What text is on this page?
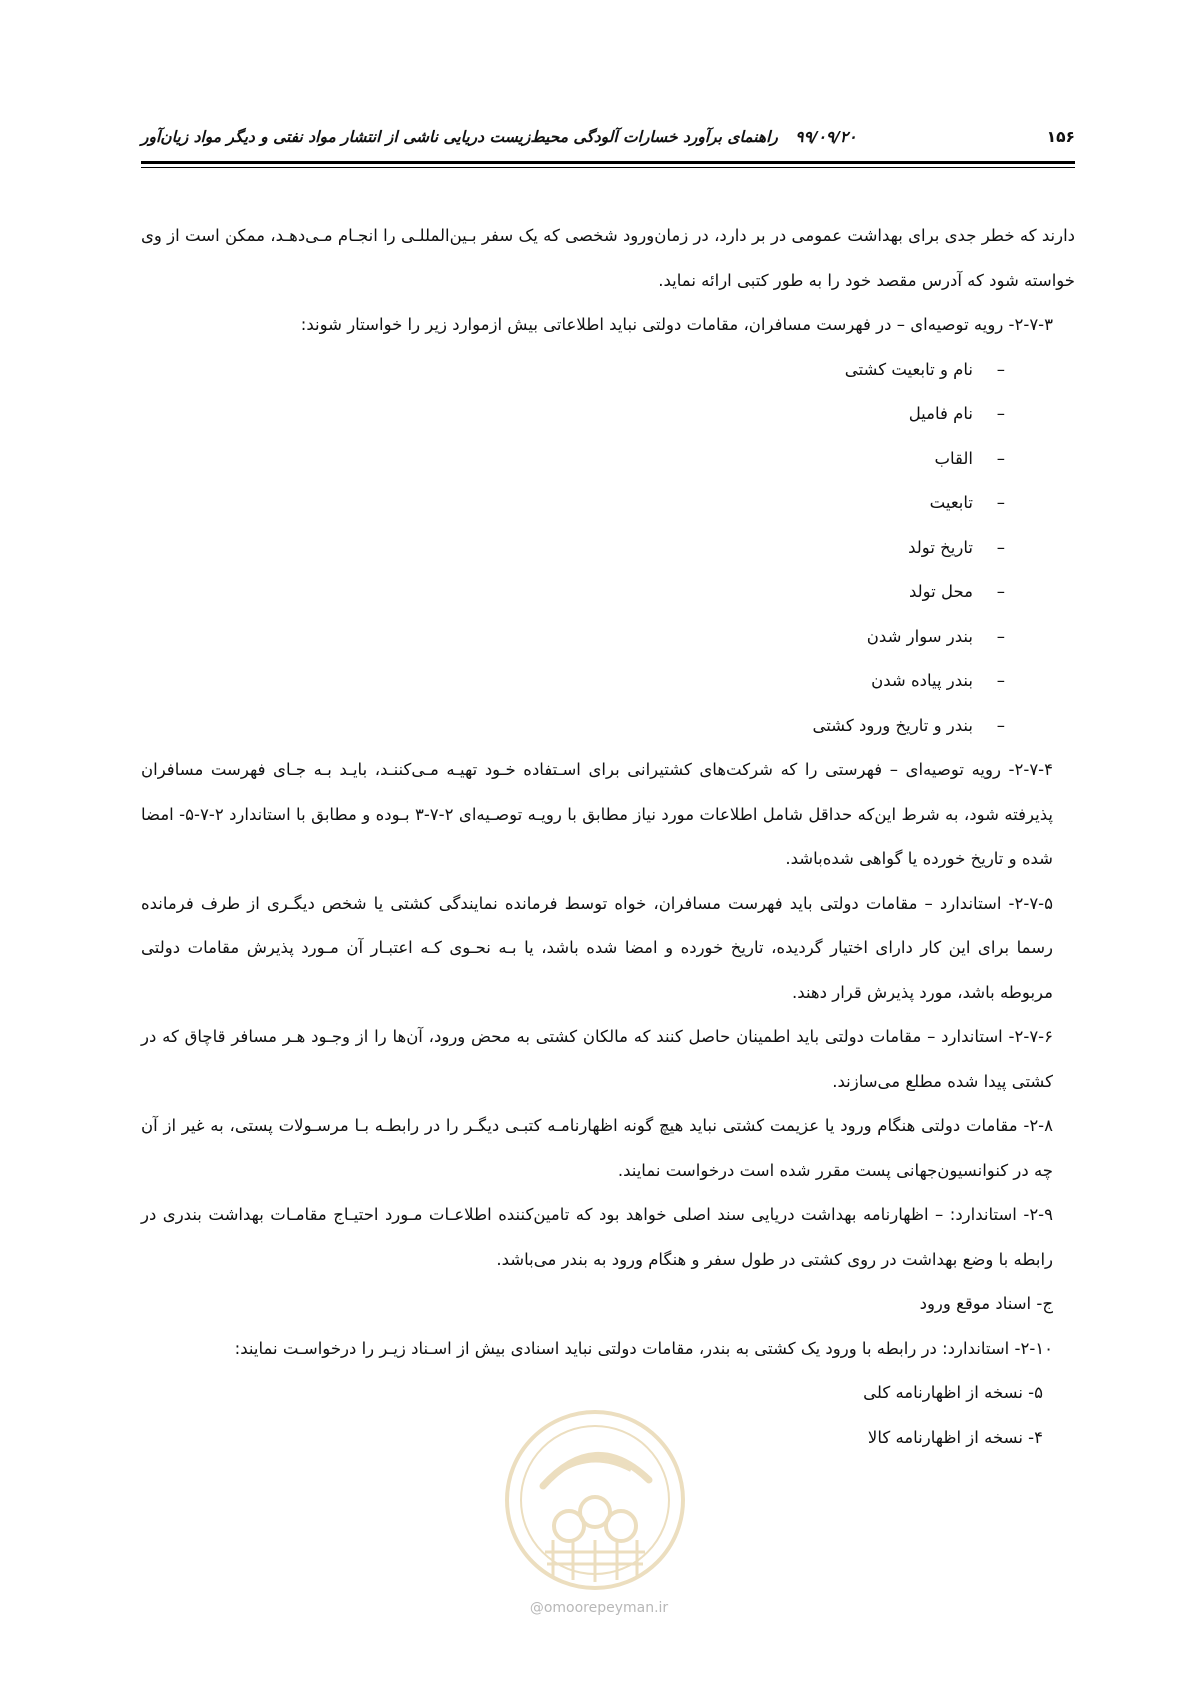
۱۵۶
۹۹/۰۹/۲۰ راهنمای برآورد خسارات آلودگی محیط‌زیست دریایی ناشی از انتشار مواد نفتی و دیگر مواد زیان‌آور

دارند که خطر جدی برای بهداشت عمومی در بر دارد، در زمان‌ورود شخصی که یک سفر بـین‌المللـی را انجـام مـی‌دهـد، ممکن است از وی خواسته شود که آدرس مقصد خود را به طور کتبی ارائه نماید.

۲-۷-۳- رویه توصیه‌ای – در فهرست مسافران، مقامات دولتی نباید اطلاعاتی بیش ازموارد زیر را خواستار شوند:

–نام و تابعیت کشتی
–نام فامیل
–القاب
–تابعیت
–تاریخ تولد
–محل تولد
–بندر سوار شدن
–بندر پیاده شدن
–بندر و تاریخ ورود کشتی

۲-۷-۴- رویه توصیه‌ای – فهرستی را که شرکت‌های کشتیرانی برای اسـتفاده خـود تهیـه مـی‌کننـد، بایـد بـه جـای فهرست مسافران پذیرفته شود، به شرط این‌که حداقل شامل اطلاعات مورد نیاز مطابق با رویـه توصـیه‌ای ۲-۷-۳ بـوده و مطابق با استاندارد ۲-۷-۵- امضا شده و تاریخ خورده یا گواهی شده‌باشد.

۲-۷-۵- استاندارد – مقامات دولتی باید فهرست مسافران، خواه توسط فرمانده نمایندگی کشتی یا شخص دیگـری از طرف فرمانده رسما برای این کار دارای اختیار گردیده، تاریخ خورده و امضا شده باشد، یا بـه نحـوی کـه اعتبـار آن مـورد پذیرش مقامات دولتی مربوطه باشد، مورد پذیرش قرار دهند.

۲-۷-۶- استاندارد – مقامات دولتی باید اطمینان حاصل کنند که مالکان کشتی به محض ورود، آن‌ها را از وجـود هـر مسافر قاچاق که در کشتی پیدا شده مطلع می‌سازند.

۲-۸- مقامات دولتی هنگام ورود یا عزیمت کشتی نباید هیچ گونه اظهارنامـه کتبـی دیگـر را در رابطـه بـا مرسـولات پستی، به غیر از آن چه در کنوانسیون‌جهانی پست مقرر شده است درخواست نمایند.

۲-۹- استاندارد: – اظهارنامه بهداشت دریایی سند اصلی خواهد بود که تامین‌کننده اطلاعـات مـورد احتیـاج مقامـات بهداشت بندری در رابطه با وضع بهداشت در روی کشتی در طول سفر و هنگام ورود به بندر می‌باشد.

ج- اسناد موقع ورود

۲-۱۰- استاندارد: در رابطه با ورود یک کشتی به بندر، مقامات دولتی نباید اسنادی بیش از اسـناد زیـر را درخواسـت نمایند:

۵- نسخه از اظهارنامه کلی
۴- نسخه از اظهارنامه کالا
@omoorepeyman.ir
